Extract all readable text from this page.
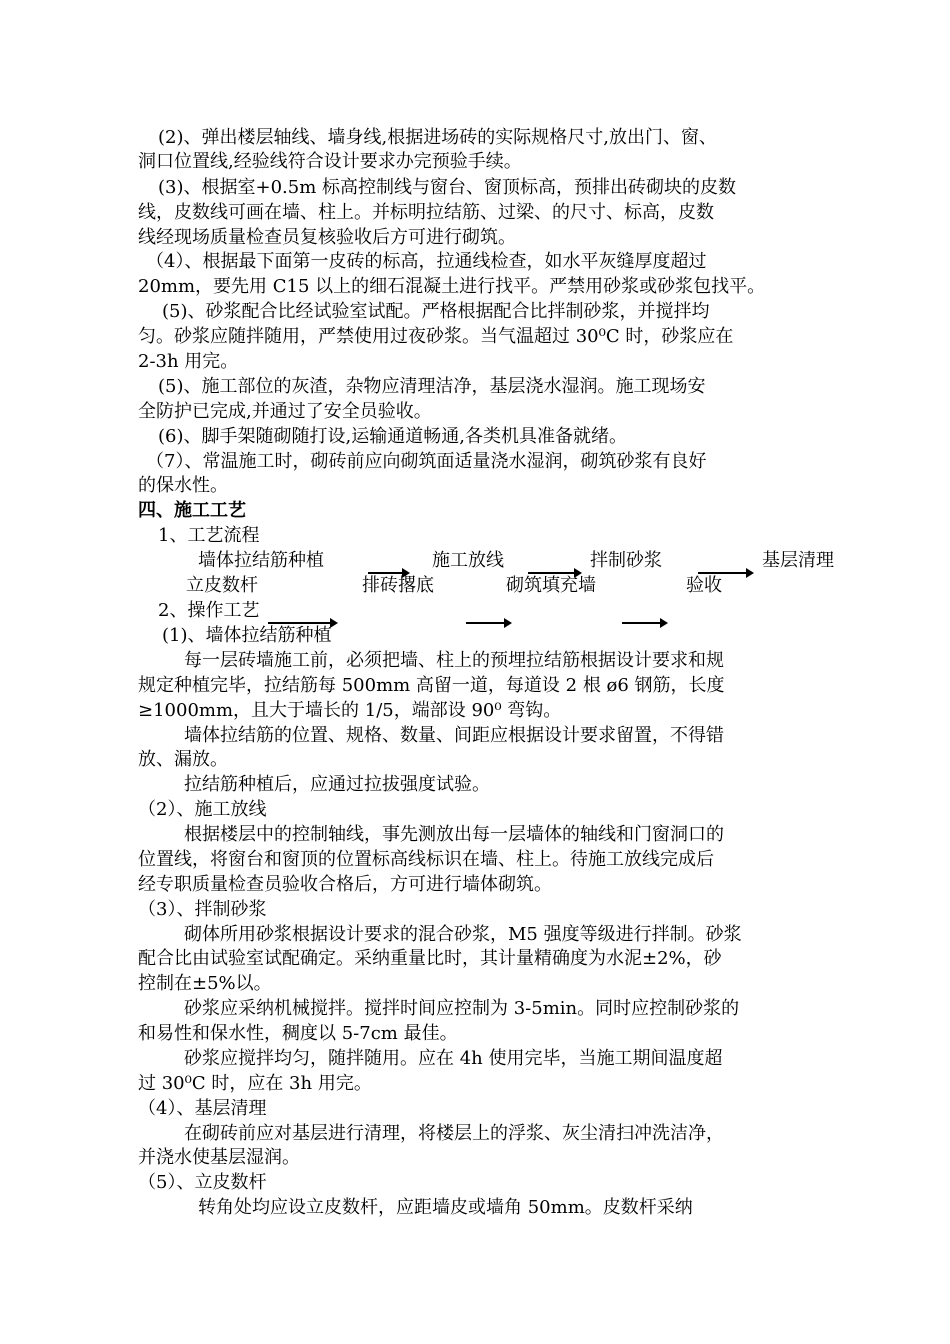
(2)、弹出楼层轴线、墙身线,根据进场砖的实际规格尺寸,放出门、窗、
洞口位置线,经验线符合设计要求办完预验手续。
(3)、根据室+0.5m 标高控制线与窗台、窗顶标高，预排出砖砌块的皮数
线，皮数线可画在墙、柱上。并标明拉结筋、过梁、的尺寸、标高，皮数
线经现场质量检查员复核验收后方可进行砌筑。
（4）、根据最下面第一皮砖的标高，拉通线检查，如水平灰缝厚度超过
20mm，要先用 C15 以上的细石混凝土进行找平。严禁用砂浆或砂浆包找平。
(5)、砂浆配合比经试验室试配。严格根据配合比拌制砂浆，并搅拌均
匀。砂浆应随拌随用，严禁使用过夜砂浆。当气温超过 30⁰C 时，砂浆应在
2-3h 用完。
(5)、施工部位的灰渣，杂物应清理洁净，基层浇水湿润。施工现场安
全防护已完成,并通过了安全员验收。
(6)、脚手架随砌随打设,运输通道畅通,各类机具准备就绪。
（7）、常温施工时，砌砖前应向砌筑面适量浇水湿润，砌筑砂浆有良好
的保水性。
四、施工工艺
1、工艺流程
墙体拉结筋种植	施工放线	拌制砂浆	基层清理
立皮数杆	排砖撂底	砌筑填充墙	验收
2、操作工艺
(1)、墙体拉结筋种植
每一层砖墙施工前，必须把墙、柱上的预埋拉结筋根据设计要求和规
规定种植完毕，拉结筋每 500mm 高留一道，每道设 2 根 ø6 钢筋，长度
≥1000mm，且大于墙长的 1/5，端部设 90⁰ 弯钩。
墙体拉结筋的位置、规格、数量、间距应根据设计要求留置，不得错
放、漏放。
拉结筋种植后，应通过拉拔强度试验。
（2）、施工放线
根据楼层中的控制轴线，事先测放出每一层墙体的轴线和门窗洞口的
位置线，将窗台和窗顶的位置标高线标识在墙、柱上。待施工放线完成后
经专职质量检查员验收合格后，方可进行墙体砌筑。
（3）、拌制砂浆
砌体所用砂浆根据设计要求的混合砂浆，M5 强度等级进行拌制。砂浆
配合比由试验室试配确定。采纳重量比时，其计量精确度为水泥±2%，砂
控制在±5%以。
砂浆应采纳机械搅拌。搅拌时间应控制为 3-5min。同时应控制砂浆的
和易性和保水性，稠度以 5-7cm 最佳。
砂浆应搅拌均匀，随拌随用。应在 4h 使用完毕，当施工期间温度超
过 30⁰C 时，应在 3h 用完。
（4）、基层清理
在砌砖前应对基层进行清理，将楼层上的浮浆、灰尘清扫冲洗洁净，
并浇水使基层湿润。
（5）、立皮数杆
转角处均应设立皮数杆，应距墙皮或墙角 50mm。皮数杆采纳
